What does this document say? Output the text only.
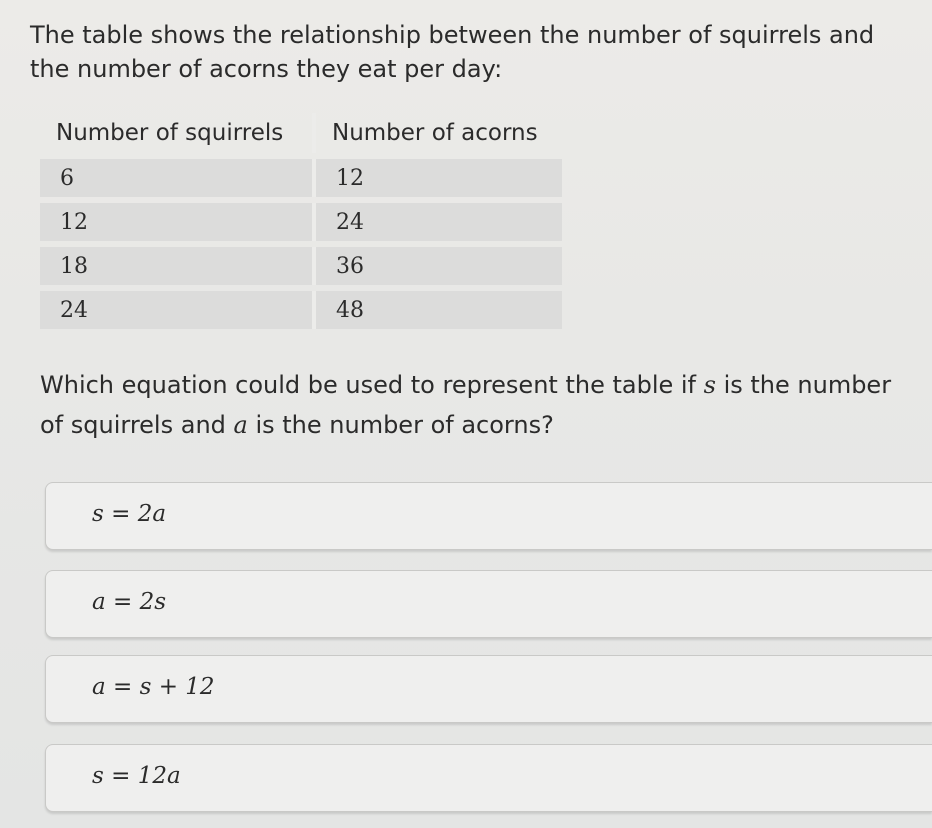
The table shows the relationship between the number of squirrels and the number of acorns they eat per day:

Number of squirrels	Number of acorns
6	12
12	24
18	36
24	48

Which equation could be used to represent the table if s is the number of squirrels and a is the number of acorns?

s = 2a
a = 2s
a = s + 12
s = 12a
